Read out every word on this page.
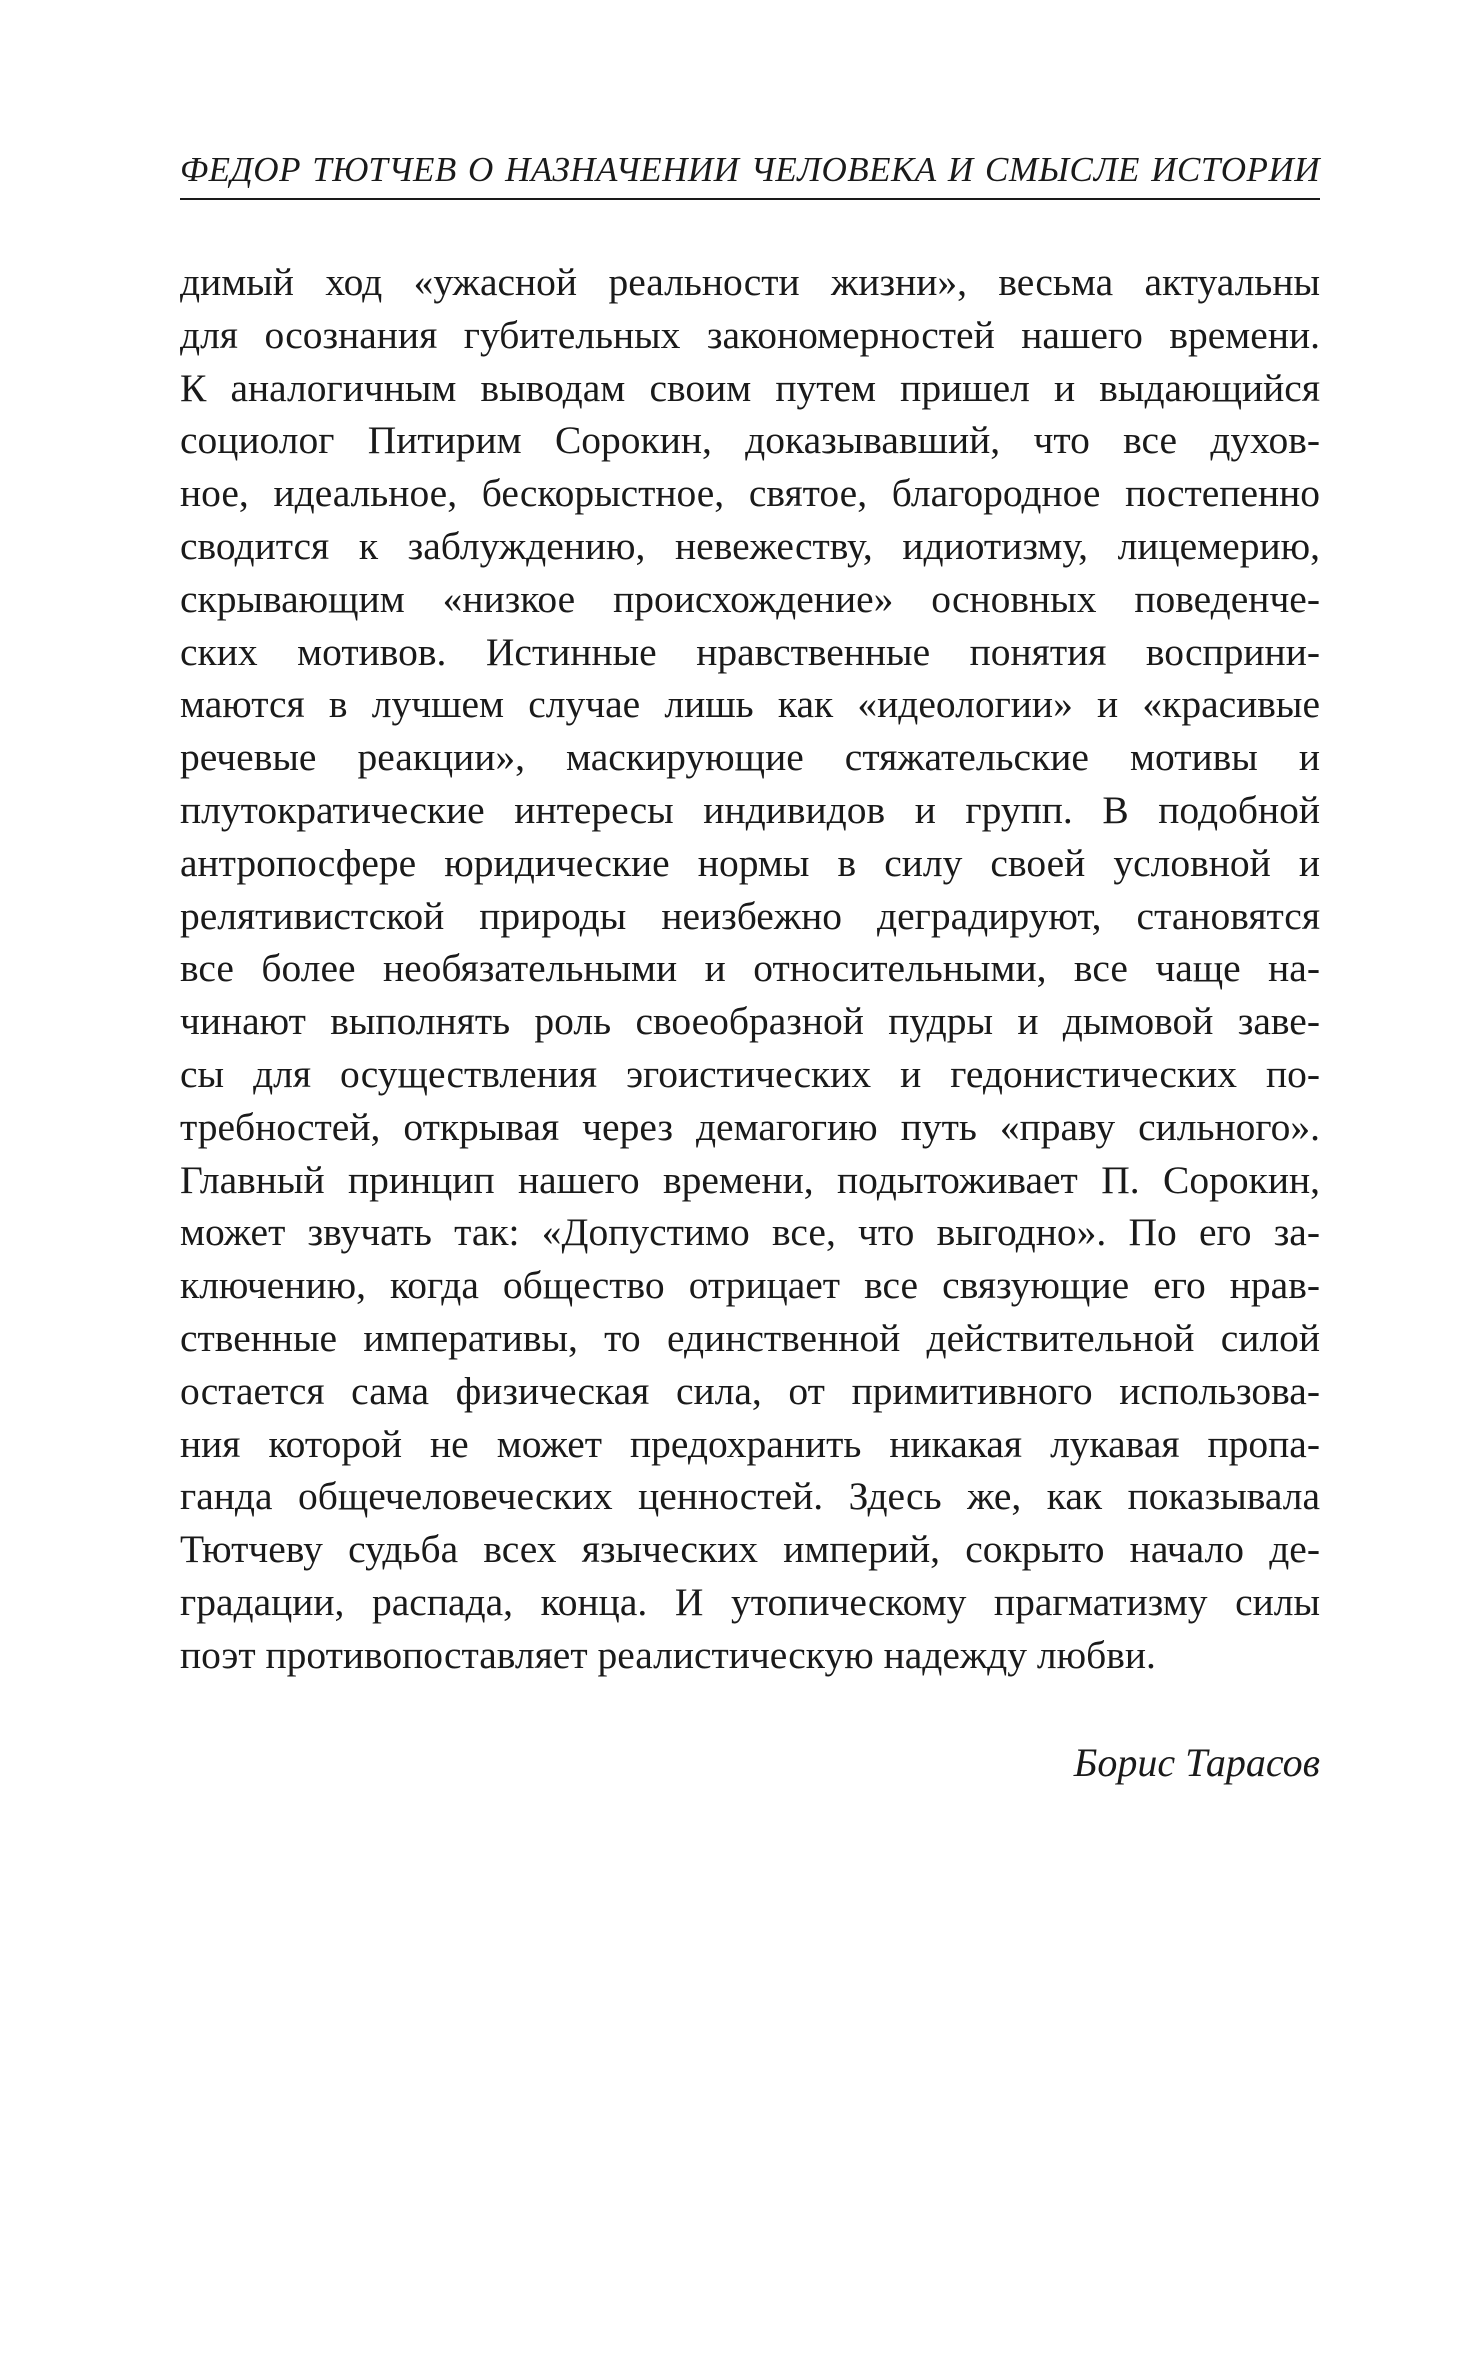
ФЕДОР ТЮТЧЕВ О НАЗНАЧЕНИИ ЧЕЛОВЕКА И СМЫСЛЕ ИСТОРИИ
димый ход «ужасной реальности жизни», весьма актуальны
для осознания губительных закономерностей нашего времени.
К аналогичным выводам своим путем пришел и выдающийся
социолог Питирим Сорокин, доказывавший, что все духов-
ное, идеальное, бескорыстное, святое, благородное постепенно
сводится к заблуждению, невежеству, идиотизму, лицемерию,
скрывающим «низкое происхождение» основных поведенче-
ских мотивов. Истинные нравственные понятия восприни-
маются в лучшем случае лишь как «идеологии» и «красивые
речевые реакции», маскирующие стяжательские мотивы и
плутократические интересы индивидов и групп. В подобной
антропосфере юридические нормы в силу своей условной и
релятивистской природы неизбежно деградируют, становятся
все более необязательными и относительными, все чаще на-
чинают выполнять роль своеобразной пудры и дымовой заве-
сы для осуществления эгоистических и гедонистических по-
требностей, открывая через демагогию путь «праву сильного».
Главный принцип нашего времени, подытоживает П. Сорокин,
может звучать так: «Допустимо все, что выгодно». По его за-
ключению, когда общество отрицает все связующие его нрав-
ственные императивы, то единственной действительной силой
остается сама физическая сила, от примитивного использова-
ния которой не может предохранить никакая лукавая пропа-
ганда общечеловеческих ценностей. Здесь же, как показывала
Тютчеву судьба всех языческих империй, сокрыто начало де-
градации, распада, конца. И утопическому прагматизму силы
поэт противопоставляет реалистическую надежду любви.
Борис Тарасов
